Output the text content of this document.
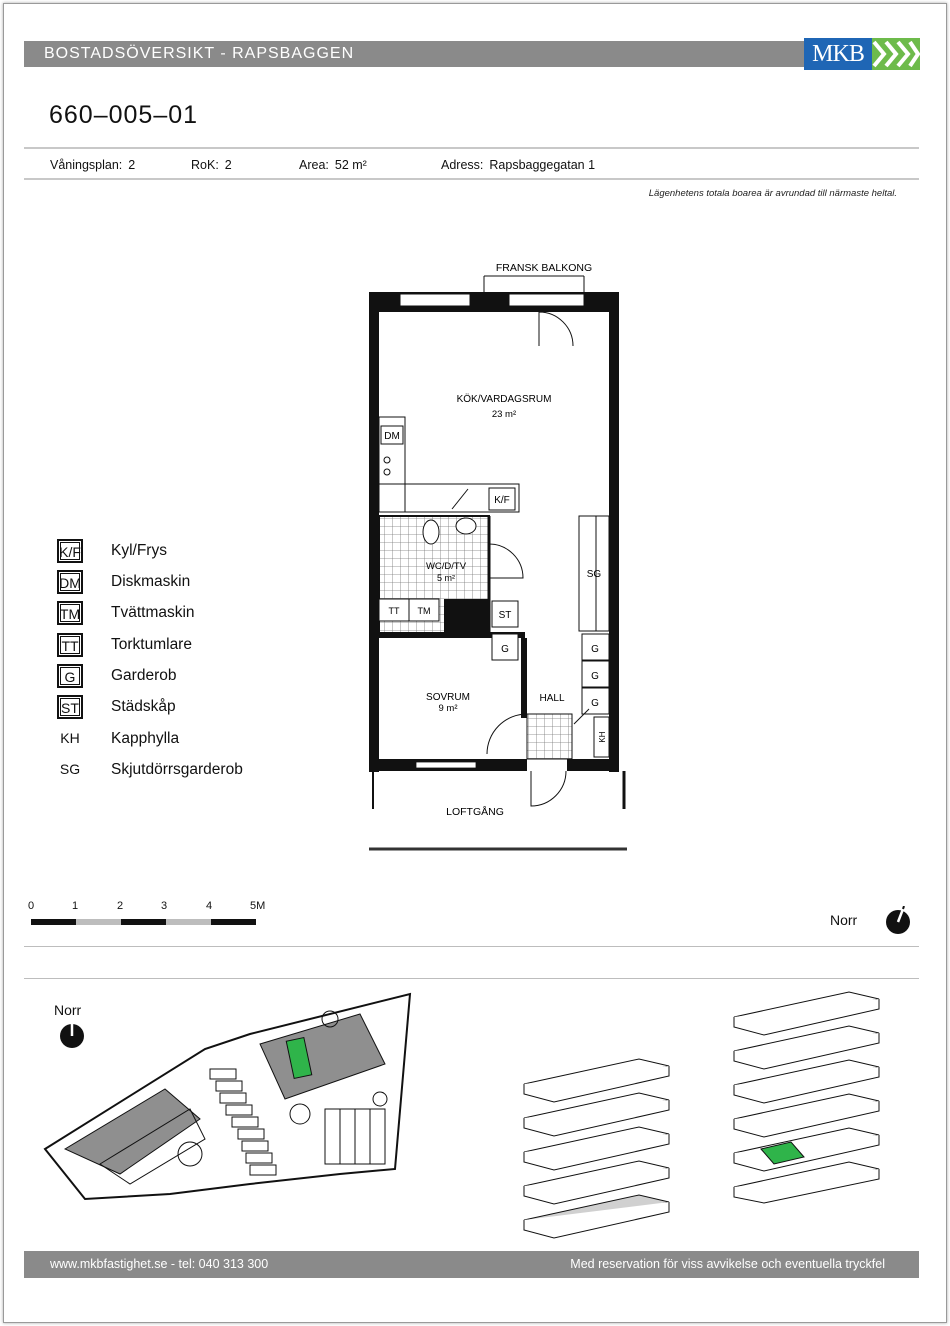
BOSTADSÖVERSIKT - RAPSBAGGEN	MKB
660–005–01
Våningsplan: 2	RoK: 2	Area: 52 m²	Adress: Rapsbaggegatan 1
Lägenhetens totala boarea är avrundad till närmaste heltal.
FRANSK BALKONG
KÖK/VARDAGSRUM
23 m²
DM
K/F
WC/D/TV
5 m²
TT TM	ST
SG
G	G
G
G
KH
SOVRUM
9 m²
HALL
LOFTGÅNG
K/F Kyl/Frys
DM Diskmaskin
TM Tvättmaskin
TT Torktumlare
G	Garderob
ST Städskåp
KH Kapphylla
SG Skjutdörrsgarderob
0	1	2	3	4	5M
Norr
Norr
www.mkbfastighet.se - tel: 040 313 300	Med reservation för viss avvikelse och eventuella tryckfel
